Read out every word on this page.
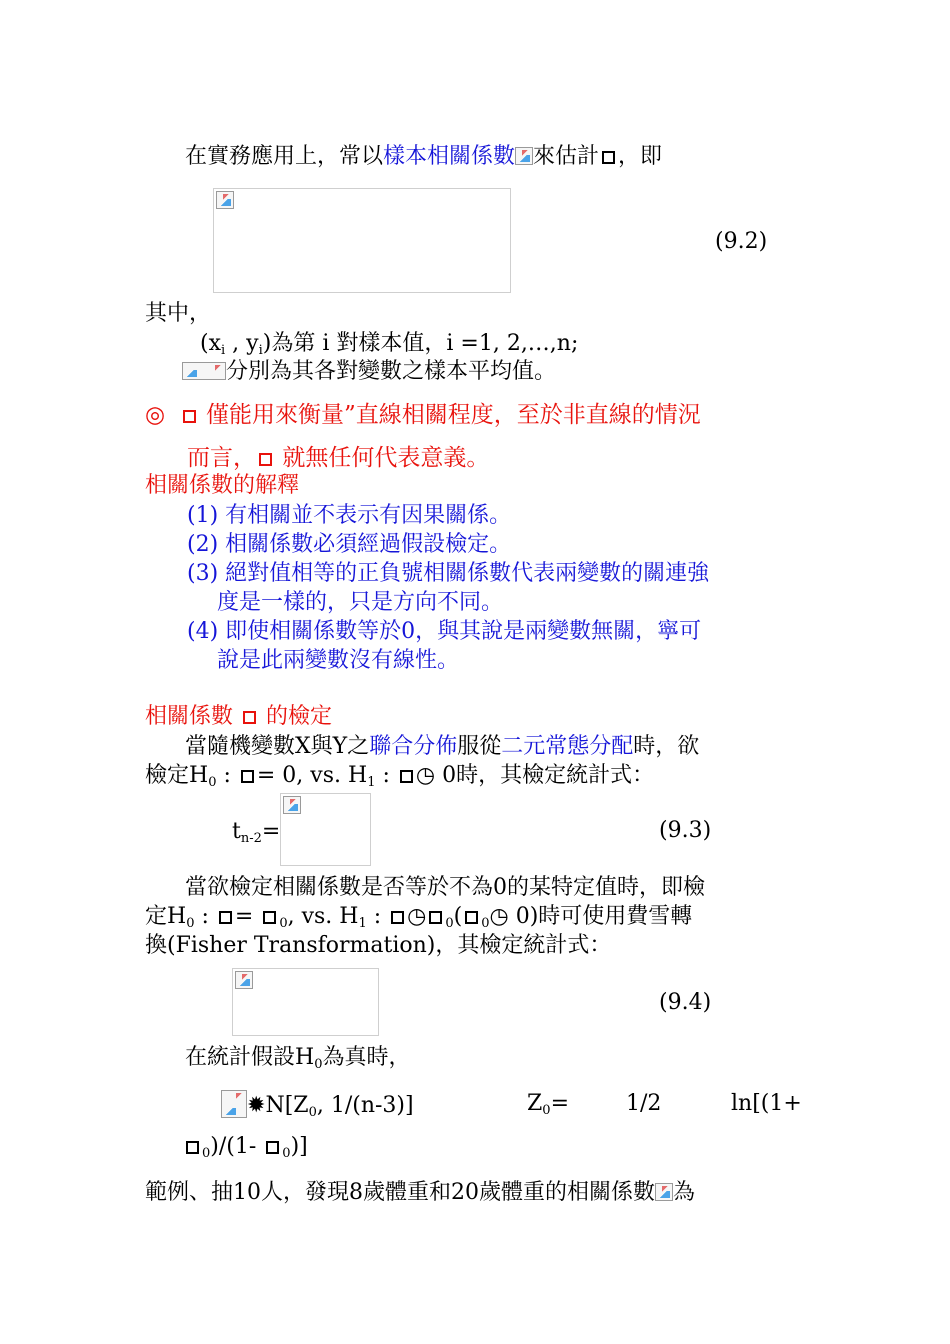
在實務應用上，常以樣本相關係數 來估計 ，即
(9.2)
其中，
($x_i$ , $y_i$)為第 i 對樣本值，i =1, 2,…,n;
分別為其各對變數之樣本平均值。
◎ 僅能用來衡量”直線相關程度，至於非直線的情況
而言， 就無任何代表意義。
相關係數的解釋
(1) 有相關並不表示有因果關係。
(2) 相關係數必須經過假設檢定。
(3) 絕對值相等的正負號相關係數代表兩變數的關連強
度是一樣的，只是方向不同。
(4) 即使相關係數等於0，與其說是兩變數無關，寧可
說是此兩變數沒有線性。
相關係數  的檢定
當隨機變數X與Y之聯合分佈服從二元常態分配時，欲
檢定$H_0$ : = 0, vs. $H_1$ : ◷ 0時，其檢定統計式：
$t_{n-2}=$	(9.3)
當欲檢定相關係數是否等於不為0的某特定值時，即檢
定$H_0$ : = $_0$, vs. $H_1$ : ◷ $_0$( $_0$◷ 0)時可使用費雪轉
換(Fisher Transformation)，其檢定統計式：
(9.4)
在統計假設$H_0$為真時，
$✹N[Z_0$, 1/(n-3)]	$Z_0=$	1/2	ln[(1+
$_0$)/(1- $_0$)]
範例、抽10人，發現8歲體重和20歲體重的相關係數 為
